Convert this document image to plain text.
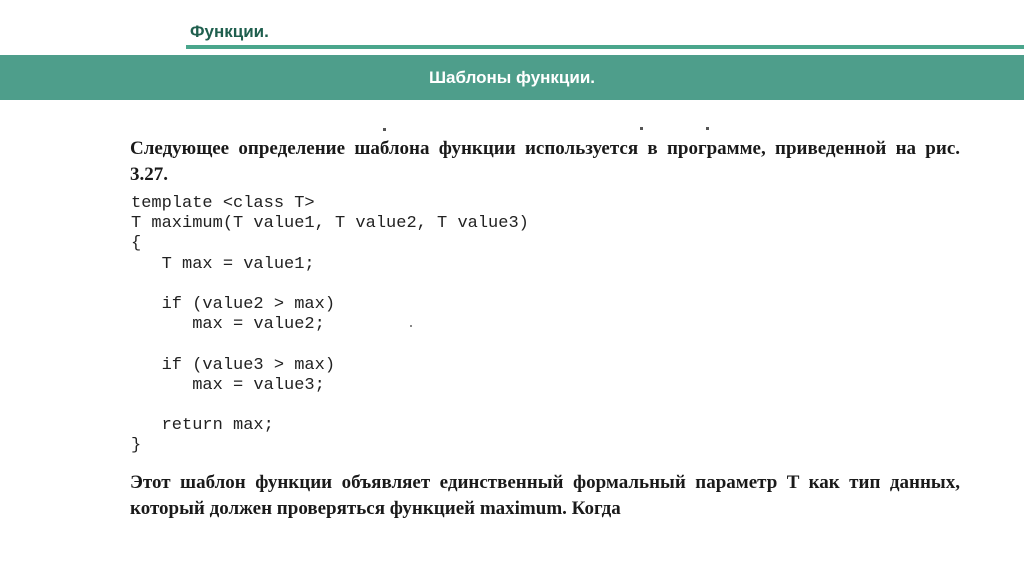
Функции.
Шаблоны функции.
Следующее определение шаблона функции используется в программе, приведенной на рис. 3.27.
template <class T>
T maximum(T value1, T value2, T value3)
{
T max = value1;
if (value2 > max)
max = value2;
if (value3 > max)
max = value3;
return max;
}
Этот шаблон функции объявляет единственный формальный параметр T как тип данных, который должен проверяться функцией maximum. Когда
